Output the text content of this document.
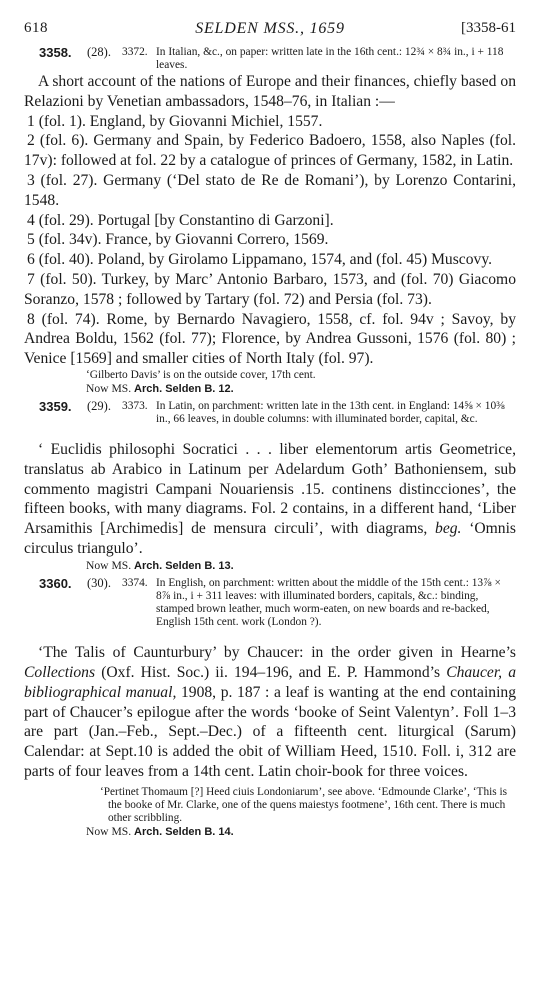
618	SELDEN MSS., 1659	[3358-61
3358. (28). 3372. In Italian, &c., on paper: written late in the 16th cent.: 12¾ × 8¾ in., i + 118 leaves.

A short account of the nations of Europe and their finances, chiefly based on Relazioni by Venetian ambassadors, 1548–76, in Italian :—

1 (fol. 1). England, by Giovanni Michiel, 1557.

2 (fol. 6). Germany and Spain, by Federico Badoero, 1558, also Naples (fol. 17v): followed at fol. 22 by a catalogue of princes of Germany, 1582, in Latin.

3 (fol. 27). Germany (‘Del stato de Re de Romani’), by Lorenzo Contarini, 1548.

4 (fol. 29). Portugal [by Constantino di Garzoni].

5 (fol. 34v). France, by Giovanni Correro, 1569.

6 (fol. 40). Poland, by Girolamo Lippamano, 1574, and (fol. 45) Muscovy.

7 (fol. 50). Turkey, by Marc’ Antonio Barbaro, 1573, and (fol. 70) Giacomo Soranzo, 1578 ; followed by Tartary (fol. 72) and Persia (fol. 73).

8 (fol. 74). Rome, by Bernardo Navagiero, 1558, cf. fol. 94v ; Savoy, by Andrea Boldu, 1562 (fol. 77); Florence, by Andrea Gussoni, 1576 (fol. 80) ; Venice [1569] and smaller cities of North Italy (fol. 97).

‘Gilberto Davis’ is on the outside cover, 17th cent.

Now MS. Arch. Selden B. 12.

3359. (29). 3373. In Latin, on parchment: written late in the 13th cent. in England: 14⅝ × 10⅜ in., 66 leaves, in double columns: with illuminated border, capital, &c.

‘ Euclidis philosophi Socratici . . . liber elementorum artis Geometrice, translatus ab Arabico in Latinum per Adelardum Goth’ Bathoniensem, sub commento magistri Campani Nouariensis .15. continens distincciones’, the fifteen books, with many diagrams. Fol. 2 contains, in a different hand, ‘Liber Arsamithis [Archimedis] de mensura circuli’, with diagrams, beg. ‘Omnis circulus triangulo’.

Now MS. Arch. Selden B. 13.

3360. (30). 3374. In English, on parchment: written about the middle of the 15th cent.: 13⅞ × 8⅞ in., i + 311 leaves: with illuminated borders, capitals, &c.: binding, stamped brown leather, much worm-eaten, on new boards and re-backed, English 15th cent. work (London ?).

‘The Talis of Caunturbury’ by Chaucer: in the order given in Hearne’s Collections (Oxf. Hist. Soc.) ii. 194–196, and E. P. Hammond’s Chaucer, a bibliographical manual, 1908, p. 187 : a leaf is wanting at the end containing part of Chaucer’s epilogue after the words ‘booke of Seint Valentyn’. Foll 1–3 are part (Jan.–Feb., Sept.–Dec.) of a fifteenth cent. liturgical (Sarum) Calendar: at Sept.10 is added the obit of William Heed, 1510. Foll. i, 312 are parts of four leaves from a 14th cent. Latin choir-book for three voices.

‘Pertinet Thomaum [?] Heed ciuis Londoniarum’, see above. ‘Edmounde Clarke’, ‘This is the booke of Mr. Clarke, one of the quens maiestys footmene’, 16th cent. There is much other scribbling.

Now MS. Arch. Selden B. 14.
